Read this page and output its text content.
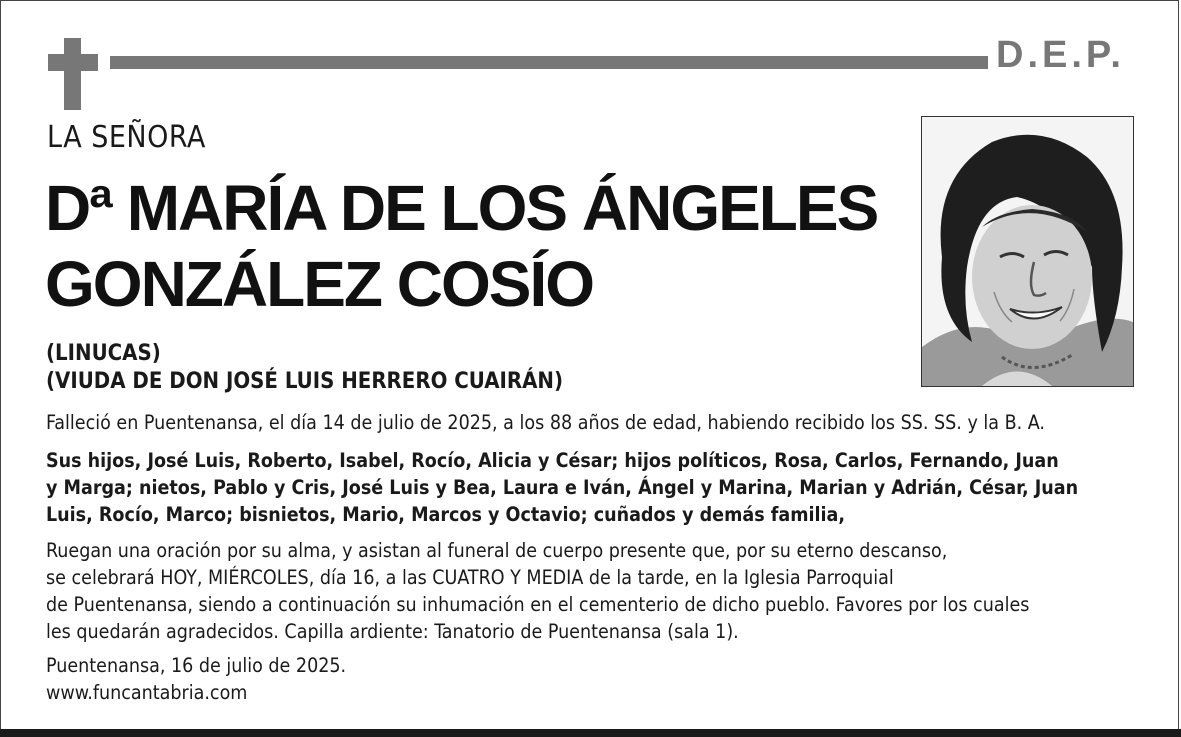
D.E.P.
LA SEÑORA
Dª MARÍA DE LOS ÁNGELES
GONZÁLEZ COSÍO
(LINUCAS)
(VIUDA DE DON JOSÉ LUIS HERRERO CUAIRÁN)
Falleció en Puentenansa, el día 14 de julio de 2025, a los 88 años de edad, habiendo recibido los SS. SS. y la B. A.
Sus hijos, José Luis, Roberto, Isabel, Rocío, Alicia y César; hijos políticos, Rosa, Carlos, Fernando, Juan
y Marga; nietos, Pablo y Cris, José Luis y Bea, Laura e Iván, Ángel y Marina, Marian y Adrián, César, Juan
Luis, Rocío, Marco; bisnietos, Mario, Marcos y Octavio; cuñados y demás familia,
Ruegan una oración por su alma, y asistan al funeral de cuerpo presente que, por su eterno descanso,
se celebrará HOY, MIÉRCOLES, día 16, a las CUATRO Y MEDIA de la tarde, en la Iglesia Parroquial
de Puentenansa, siendo a continuación su inhumación en el cementerio de dicho pueblo. Favores por los cuales
les quedarán agradecidos. Capilla ardiente: Tanatorio de Puentenansa (sala 1).
Puentenansa, 16 de julio de 2025.
www.funcantabria.com
